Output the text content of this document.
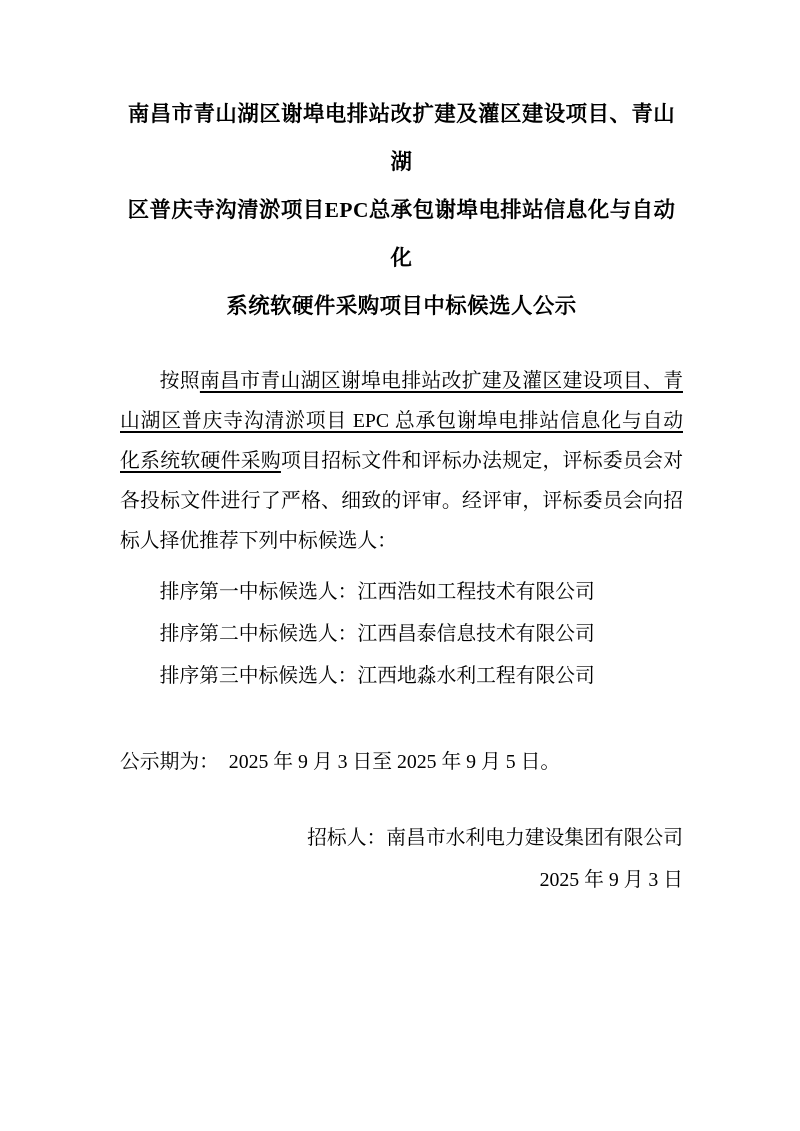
南昌市青山湖区谢埠电排站改扩建及灌区建设项目、青山湖
区普庆寺沟清淤项目EPC总承包谢埠电排站信息化与自动化
系统软硬件采购项目中标候选人公示
按照南昌市青山湖区谢埠电排站改扩建及灌区建设项目、青
山湖区普庆寺沟清淤项目 EPC 总承包谢埠电排站信息化与自动
化系统软硬件采购项目招标文件和评标办法规定，评标委员会对
各投标文件进行了严格、细致的评审。经评审，评标委员会向招
标人择优推荐下列中标候选人：
排序第一中标候选人：江西浩如工程技术有限公司
排序第二中标候选人：江西昌泰信息技术有限公司
排序第三中标候选人：江西地淼水利工程有限公司
公示期为：　2025 年 9 月 3 日至 2025 年 9 月 5 日。
招标人：南昌市水利电力建设集团有限公司
2025 年 9 月 3 日
